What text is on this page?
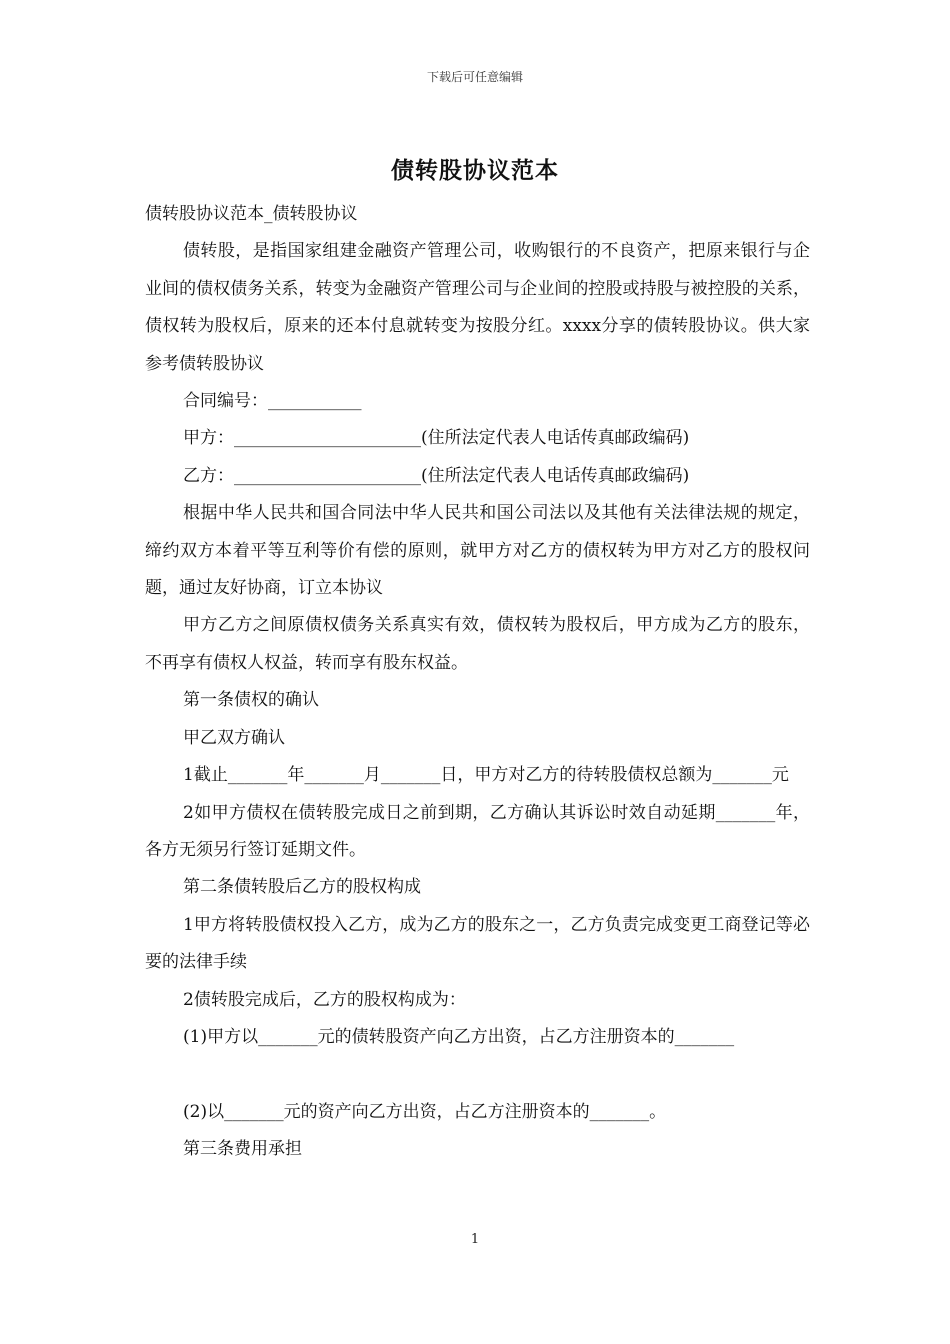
下载后可任意编辑
债转股协议范本

债转股协议范本_债转股协议

债转股，是指国家组建金融资产管理公司，收购银行的不良资产，把原来银行与企业间的债权债务关系，转变为金融资产管理公司与企业间的控股或持股与被控股的关系，债权转为股权后，原来的还本付息就转变为按股分红。xxxx分享的债转股协议。供大家参考债转股协议

合同编号：___________

甲方：______________________(住所法定代表人电话传真邮政编码)

乙方：______________________(住所法定代表人电话传真邮政编码)

根据中华人民共和国合同法中华人民共和国公司法以及其他有关法律法规的规定，缔约双方本着平等互利等价有偿的原则，就甲方对乙方的债权转为甲方对乙方的股权问题，通过友好协商，订立本协议

甲方乙方之间原债权债务关系真实有效，债权转为股权后，甲方成为乙方的股东，不再享有债权人权益，转而享有股东权益。

第一条债权的确认

甲乙双方确认

1截止_______年_______月_______日，甲方对乙方的待转股债权总额为_______元

2如甲方债权在债转股完成日之前到期，乙方确认其诉讼时效自动延期_______年，各方无须另行签订延期文件。

第二条债转股后乙方的股权构成

1甲方将转股债权投入乙方，成为乙方的股东之一，乙方负责完成变更工商登记等必要的法律手续

2债转股完成后，乙方的股权构成为：

(1)甲方以_______元的债转股资产向乙方出资，占乙方注册资本的_______

(2)以_______元的资产向乙方出资，占乙方注册资本的_______。

第三条费用承担

1
